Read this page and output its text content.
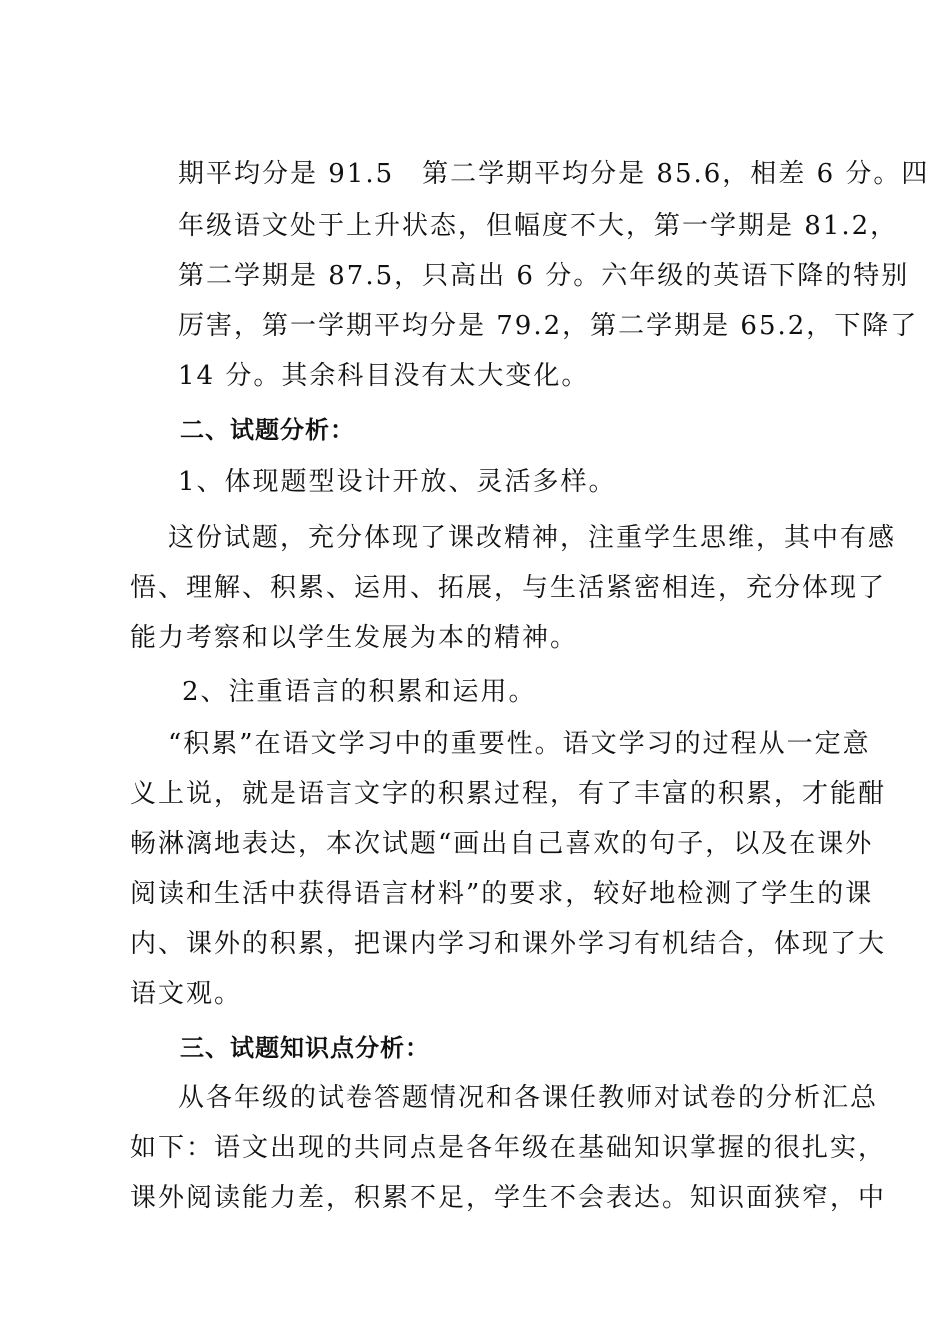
期平均分是 91.5　第二学期平均分是 85.6，相差 6 分。四
年级语文处于上升状态，但幅度不大，第一学期是 81.2，
第二学期是 87.5，只高出 6 分。六年级的英语下降的特别
厉害，第一学期平均分是 79.2，第二学期是 65.2，下降了
14 分。其余科目没有太大变化。
二、试题分析：
1、体现题型设计开放、灵活多样。
这份试题，充分体现了课改精神，注重学生思维，其中有感
悟、理解、积累、运用、拓展，与生活紧密相连，充分体现了
能力考察和以学生发展为本的精神。
2、注重语言的积累和运用。
“积累”在语文学习中的重要性。语文学习的过程从一定意
义上说，就是语言文字的积累过程，有了丰富的积累，才能酣
畅淋漓地表达，本次试题“画出自己喜欢的句子，以及在课外
阅读和生活中获得语言材料”的要求，较好地检测了学生的课
内、课外的积累，把课内学习和课外学习有机结合，体现了大
语文观。
三、试题知识点分析：
从各年级的试卷答题情况和各课任教师对试卷的分析汇总
如下：语文出现的共同点是各年级在基础知识掌握的很扎实，
课外阅读能力差，积累不足，学生不会表达。知识面狭窄，中
